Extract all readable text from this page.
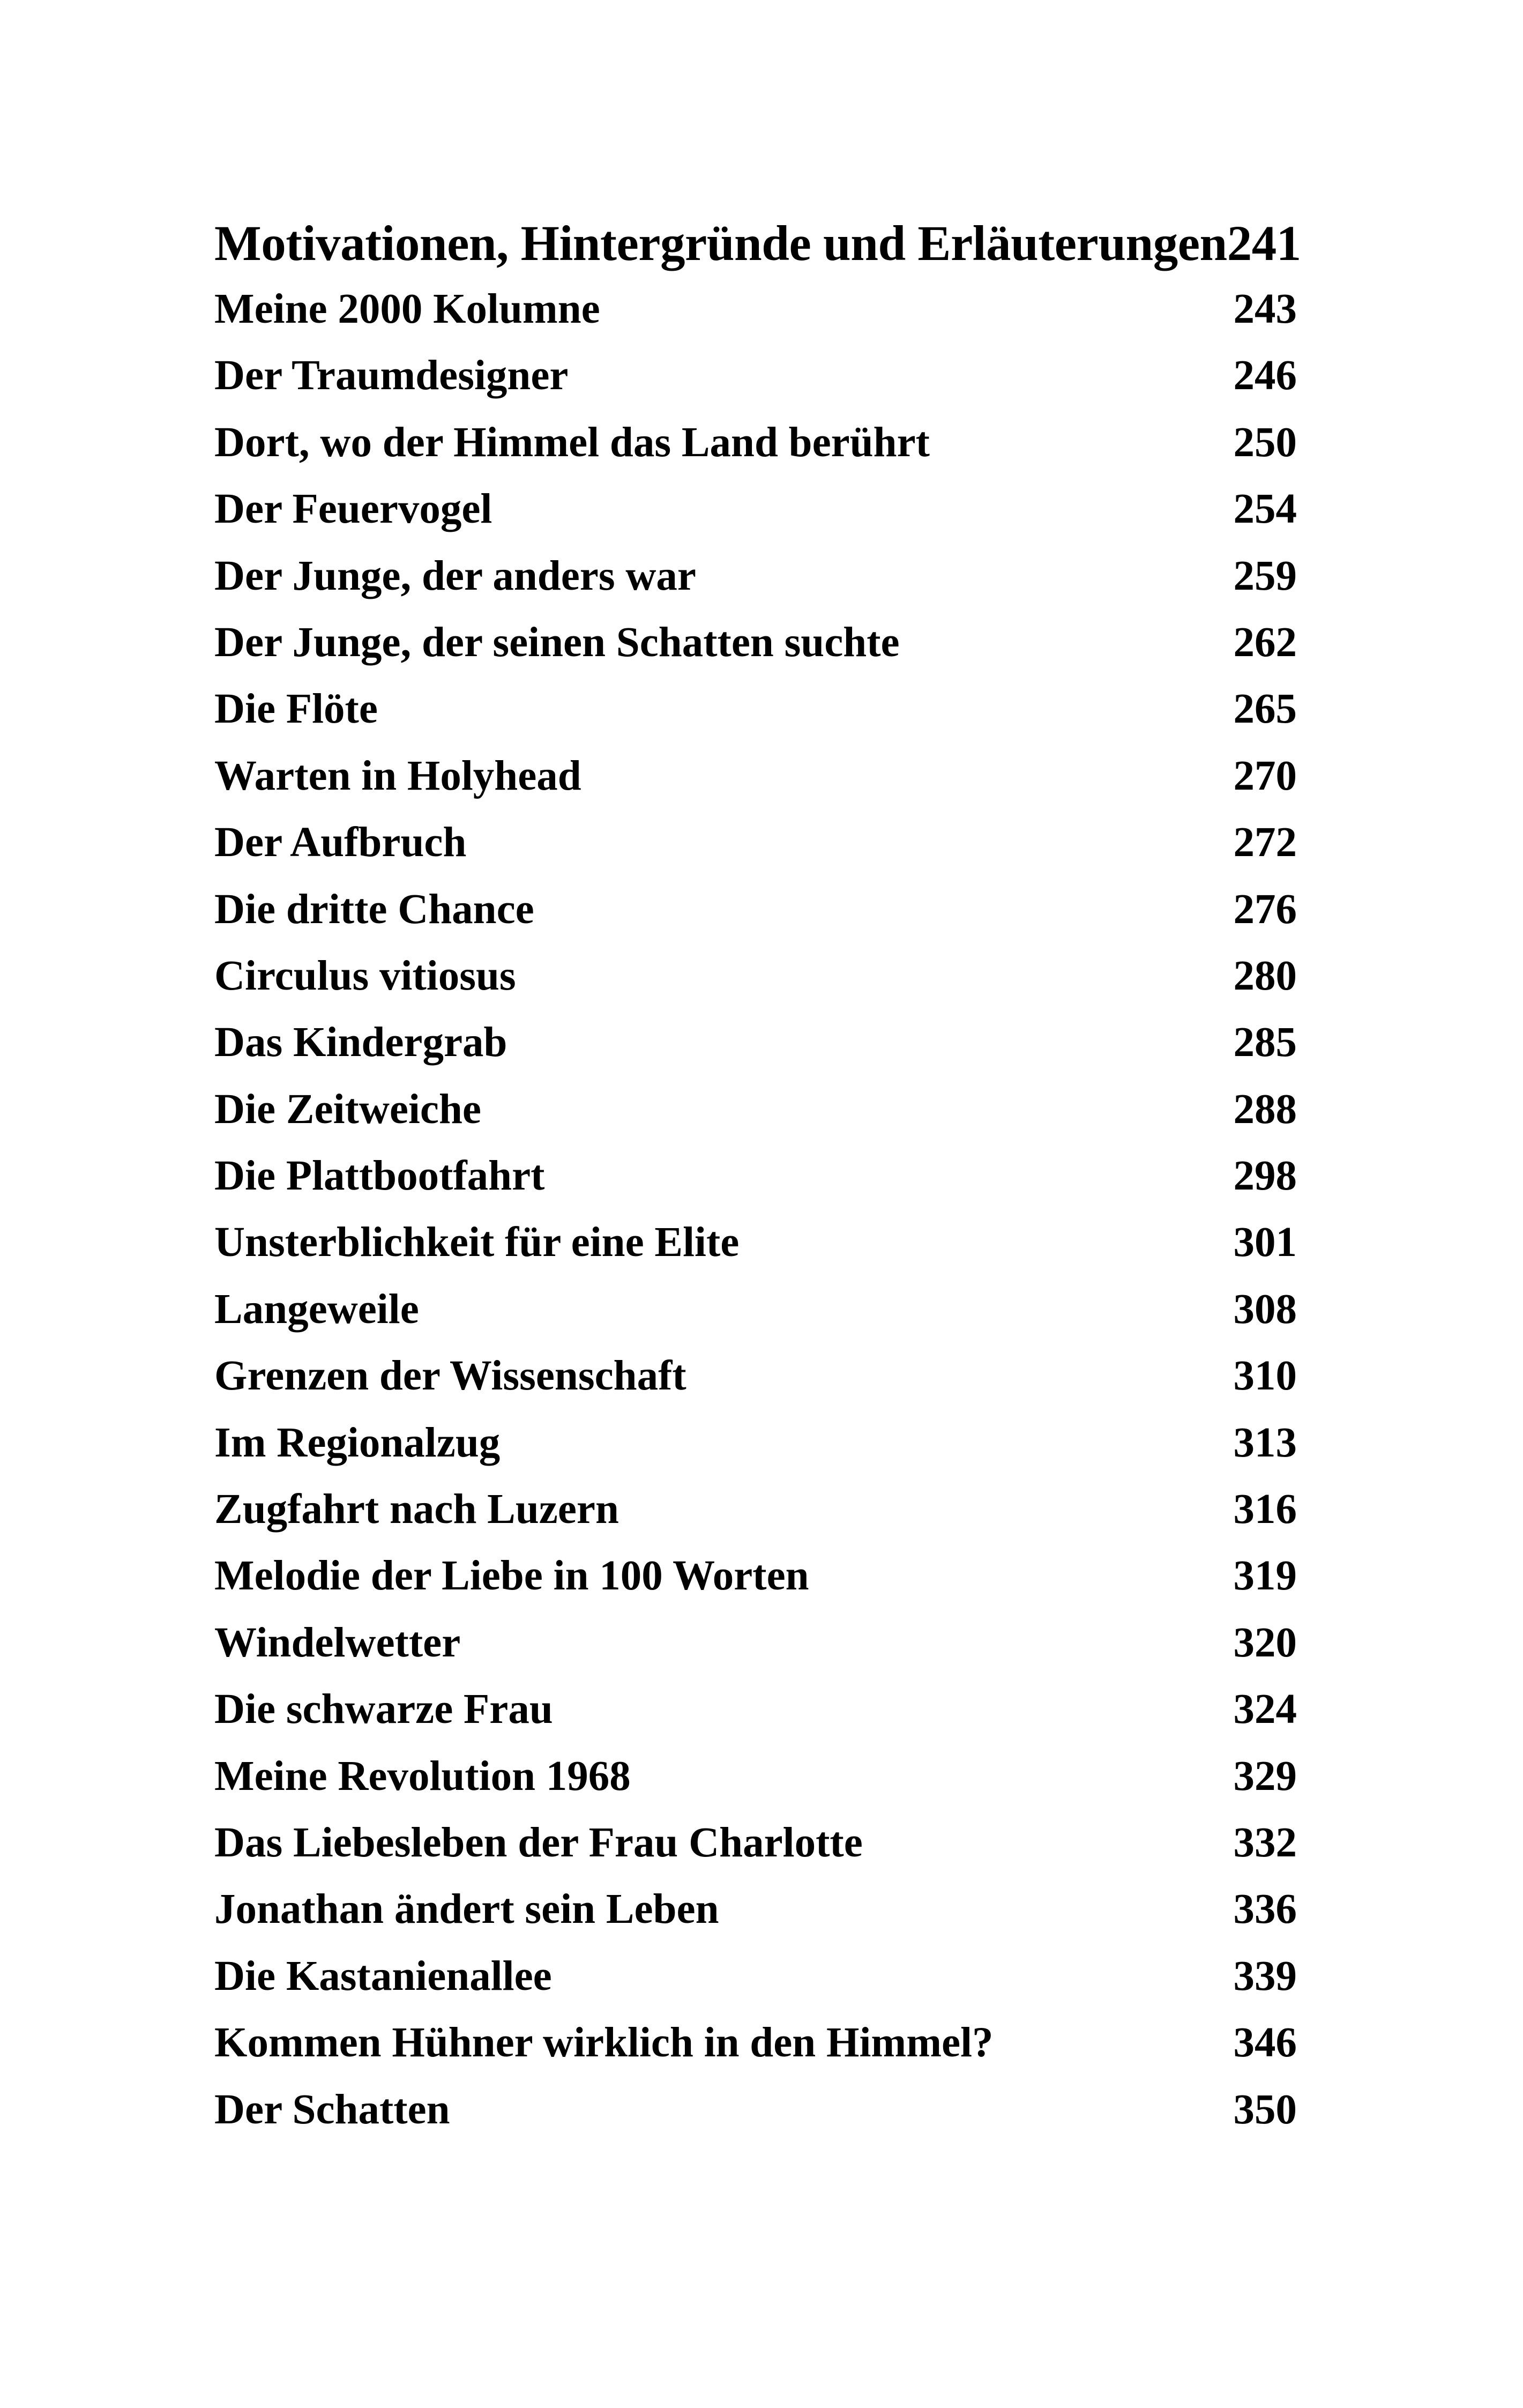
Motivationen, Hintergründe und Erläuterungen 241
Meine 2000 Kolumne	243
Der Traumdesigner	246
Dort, wo der Himmel das Land berührt	250
Der Feuervogel	254
Der Junge, der anders war	259
Der Junge, der seinen Schatten suchte	262
Die Flöte	265
Warten in Holyhead	270
Der Aufbruch	272
Die dritte Chance	276
Circulus vitiosus	280
Das Kindergrab	285
Die Zeitweiche	288
Die Plattbootfahrt	298
Unsterblichkeit für eine Elite	301
Langeweile	308
Grenzen der Wissenschaft	310
Im Regionalzug	313
Zugfahrt nach Luzern	316
Melodie der Liebe in 100 Worten	319
Windelwetter	320
Die schwarze Frau	324
Meine Revolution 1968	329
Das Liebesleben der Frau Charlotte	332
Jonathan ändert sein Leben	336
Die Kastanienallee	339
Kommen Hühner wirklich in den Himmel?	346
Der Schatten	350
